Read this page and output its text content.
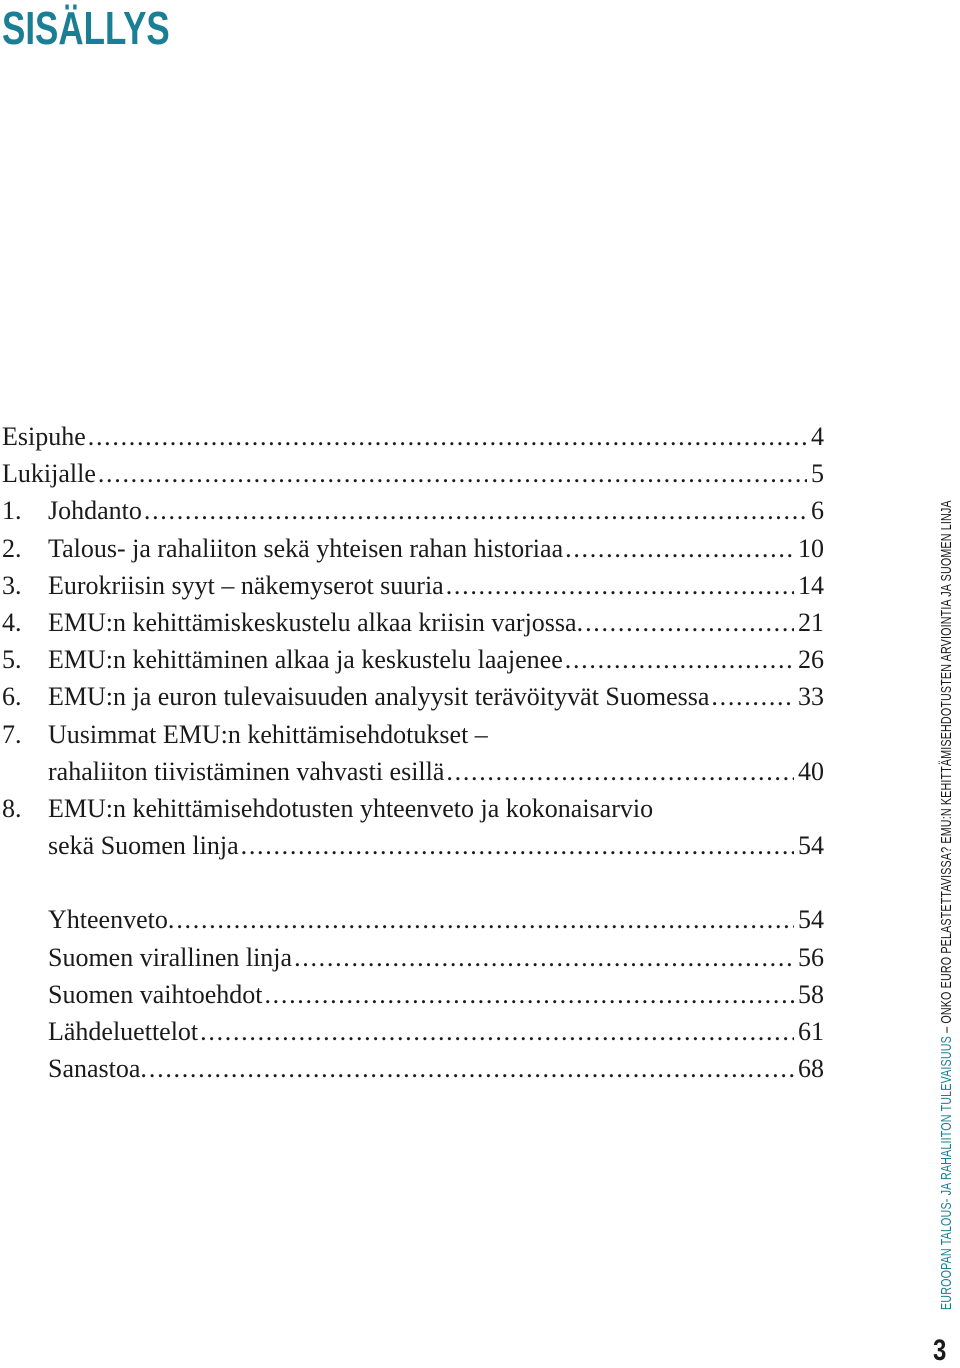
SISÄLLYS
Esipuhe . . .	4
Lukijalle . . .	5
1.	Johdanto . . .	6
2.	Talous- ja rahaliiton sekä yhteisen rahan historiaa . . .	10
3.	Eurokriisin syyt – näkemyserot suuria . . .	14
4.	EMU:n kehittämiskeskustelu alkaa kriisin varjossa. . . .	21
5.	EMU:n kehittäminen alkaa ja keskustelu laajenee . . .	26
6.	EMU:n ja euron tulevaisuuden analyysit terävöityvät Suomessa . . .	33
7.	Uusimmat EMU:n kehittämisehdotukset –
rahaliiton tiivistäminen vahvasti esillä . . .	40
8.	EMU:n kehittämisehdotusten yhteenveto ja kokonaisarvio
sekä Suomen linja . . .	54
Yhteenveto. . . .	54
Suomen virallinen linja . . .	56
Suomen vaihtoehdot . . .	58
Lähdeluettelot . . .	61
Sanastoa. . . .	68	EUROOPAN TALOUS- JA RAHALIITON TULEVAISUUS – ONKO EURO PELASTETTAVISSA? EMU:N KEHITTÄMISEHDOTUSTEN ARVIOINTIA JA SUOMEN LINJA
3
